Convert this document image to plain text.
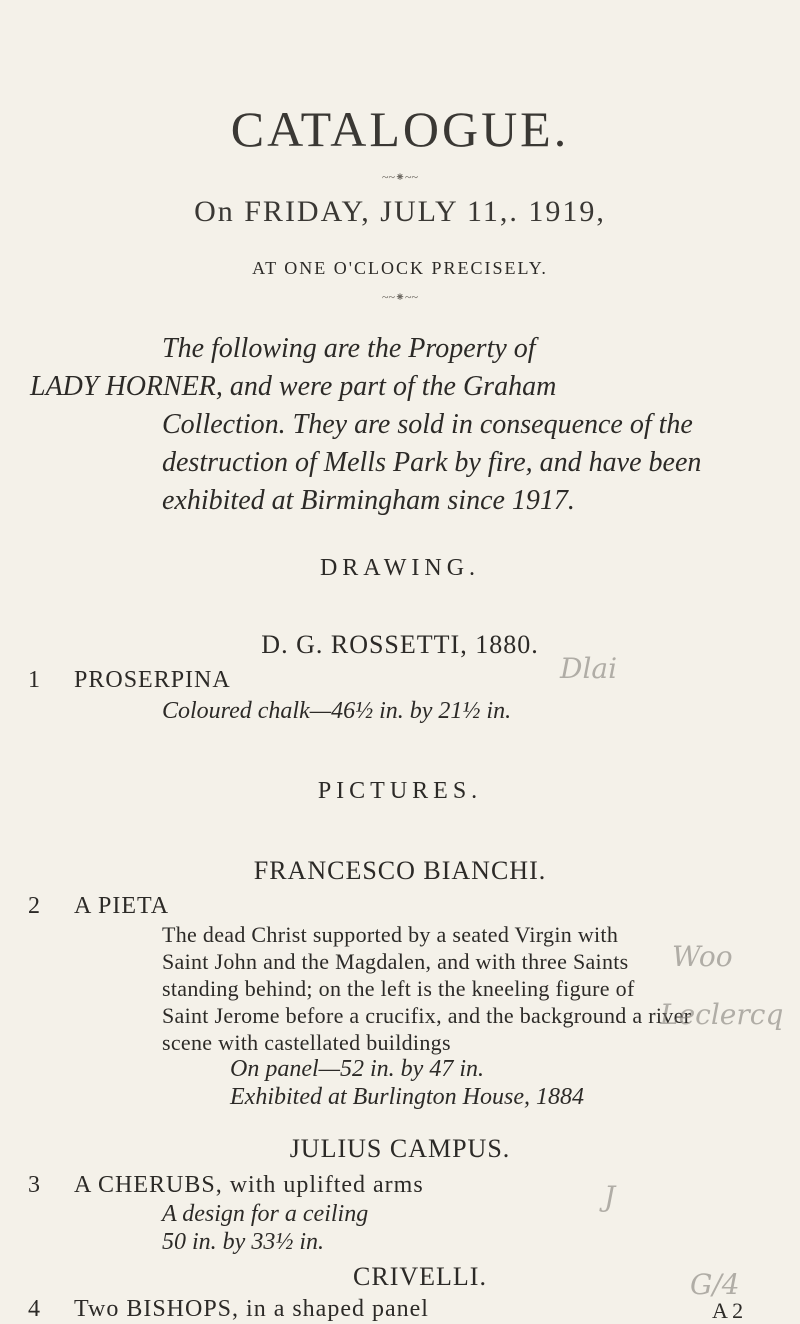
CATALOGUE.
~~⁕~~
On FRIDAY, JULY 11,. 1919,
AT ONE O'CLOCK PRECISELY.
~~⁕~~
The following are the Property of
LADY HORNER, and were part of the Graham
Collection. They are sold in consequence of the
destruction of Mells Park by fire, and have been
exhibited at Birmingham since 1917.
DRAWING.
D. G. ROSSETTI, 1880.
1 PROSERPINA
Coloured chalk—46½ in. by 21½ in.
Dlai
PICTURES.
FRANCESCO BIANCHI.
2 A PIETA
The dead Christ supported by a seated Virgin with
Saint John and the Magdalen, and with three Saints
standing behind; on the left is the kneeling figure of
Saint Jerome before a crucifix, and the background a river
scene with castellated buildings
On panel—52 in. by 47 in.
Exhibited at Burlington House, 1884
Woo
Leclercq
JULIUS CAMPUS.
3 A CHERUBS, with uplifted arms
A design for a ceiling
50 in. by 33½ in.
J
CRIVELLI.
4 Two BISHOPS, in a shaped panel
G/4
A 2
